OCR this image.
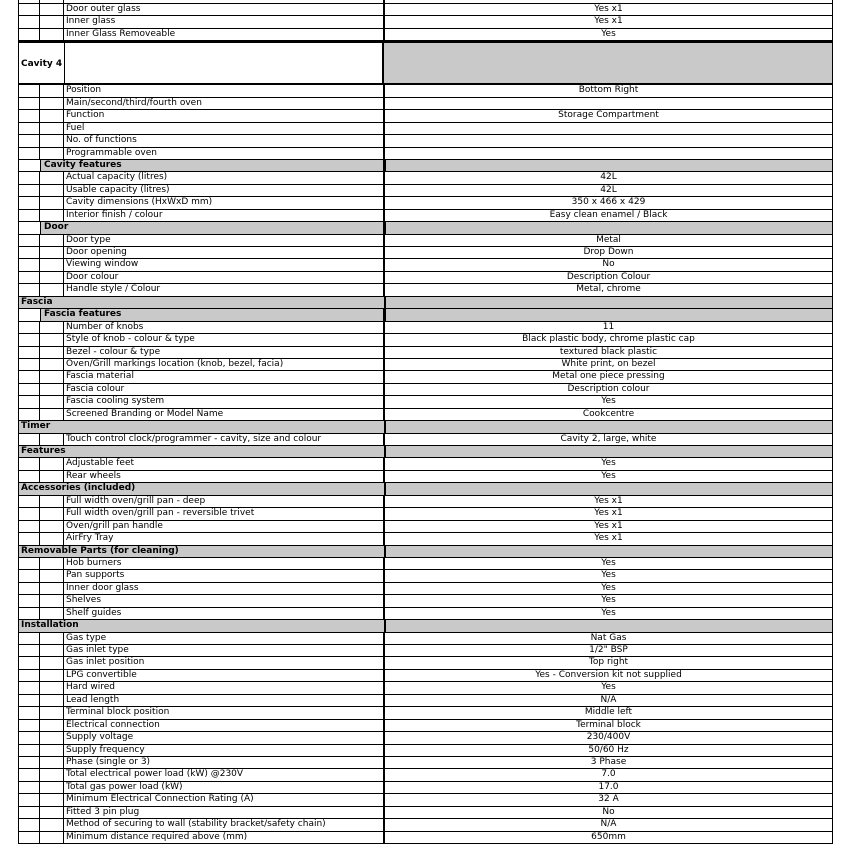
Door outer glass	Yes x1
Inner glass	Yes x1
Inner Glass Removeable	Yes
Cavity 4
Position	Bottom Right
Main/second/third/fourth oven
Function	Storage Compartment
Fuel
No. of functions
Programmable oven
Cavity features
Actual capacity (litres)	42L
Usable capacity (litres)	42L
Cavity dimensions (HxWxD mm)	350 x 466 x 429
Interior finish / colour	Easy clean enamel / Black
Door
Door type	Metal
Door opening	Drop Down
Viewing window	No
Door colour	Description Colour
Handle style / Colour	Metal, chrome
Fascia
Fascia features
Number of knobs	11
Style of knob - colour & type	Black plastic body, chrome plastic cap
Bezel - colour & type	textured black plastic
Oven/Grill markings location (knob, bezel, facia)	White print, on bezel
Fascia material	Metal one piece pressing
Fascia colour	Description colour
Fascia cooling system	Yes
Screened Branding or Model Name	Cookcentre
Timer
Touch control clock/programmer - cavity, size and colour	Cavity 2, large, white
Features
Adjustable feet	Yes
Rear wheels	Yes
Accessories (included)
Full width oven/grill pan - deep	Yes x1
Full width oven/grill pan - reversible trivet	Yes x1
Oven/grill pan handle	Yes x1
AirFry Tray	Yes x1
Removable Parts (for cleaning)
Hob burners	Yes
Pan supports	Yes
Inner door glass	Yes
Shelves	Yes
Shelf guides	Yes
Installation
Gas type	Nat Gas
Gas inlet type	1/2" BSP
Gas inlet position	Top right
LPG convertible	Yes - Conversion kit not supplied
Hard wired	Yes
Lead length	N/A
Terminal block position	Middle left
Electrical connection	Terminal block
Supply voltage	230/400V
Supply frequency	50/60 Hz
Phase (single or 3)	3 Phase
Total electrical power load (kW) @230V	7.0
Total gas power load (kW)	17.0
Minimum Electrical Connection Rating (A)	32 A
Fitted 3 pin plug	No
Method of securing to wall (stability bracket/safety chain)	N/A
Minimum distance required above (mm)	650mm
